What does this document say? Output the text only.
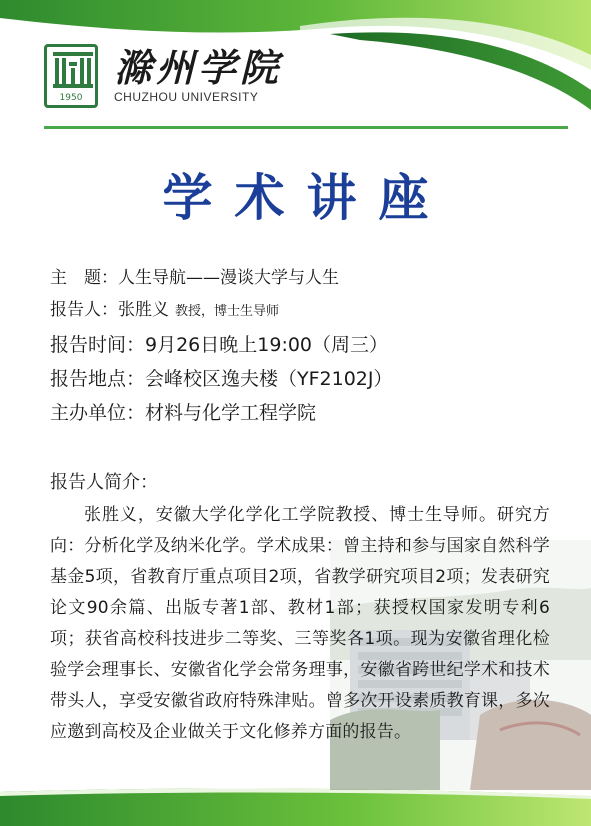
1950
滁州学院
CHUZHOU UNIVERSITY
学术讲座
主　题：人生导航——漫谈大学与人生
报告人：张胜义 教授，博士生导师
报告时间：9月26日晚上19:00（周三）
报告地点：会峰校区逸夫楼（YF2102J）
主办单位：材料与化学工程学院
报告人简介：
张胜义，安徽大学化学化工学院教授、博士生导师。研究方向：分析化学及纳米化学。学术成果：曾主持和参与国家自然科学基金5项，省教育厅重点项目2项，省教学研究项目2项；发表研究论文90余篇、出版专著1部、教材1部；获授权国家发明专利6项；获省高校科技进步二等奖、三等奖各1项。现为安徽省理化检验学会理事长、安徽省化学会常务理事，安徽省跨世纪学术和技术带头人，享受安徽省政府特殊津贴。曾多次开设素质教育课，多次应邀到高校及企业做关于文化修养方面的报告。
